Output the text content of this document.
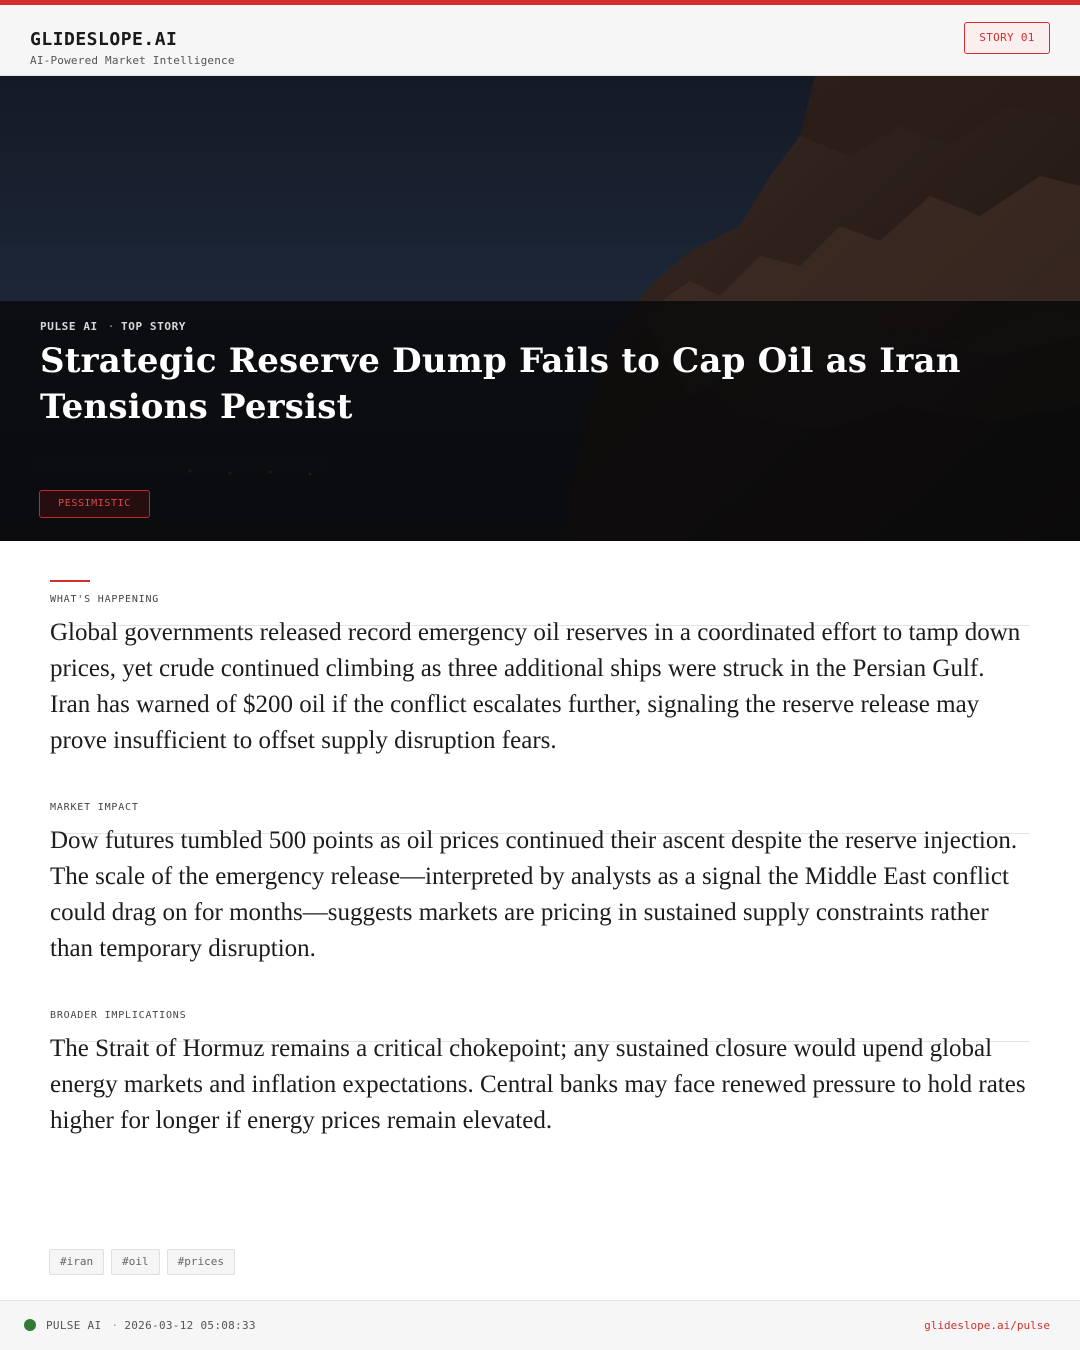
GLIDESLOPE.AI
AI-Powered Market Intelligence
STORY 01
PULSE AI · TOP STORY
Strategic Reserve Dump Fails to Cap Oil as Iran Tensions Persist
PESSIMISTIC
WHAT'S HAPPENING

Global governments released record emergency oil reserves in a coordinated effort to tamp down prices, yet crude continued climbing as three additional ships were struck in the Persian Gulf. Iran has warned of $200 oil if the conflict escalates further, signaling the reserve release may prove insufficient to offset supply disruption fears.

MARKET IMPACT

Dow futures tumbled 500 points as oil prices continued their ascent despite the reserve injection. The scale of the emergency release—interpreted by analysts as a signal the Middle East conflict could drag on for months—suggests markets are pricing in sustained supply constraints rather than temporary disruption.

BROADER IMPLICATIONS

The Strait of Hormuz remains a critical chokepoint; any sustained closure would upend global energy markets and inflation expectations. Central banks may face renewed pressure to hold rates higher for longer if energy prices remain elevated.

#iran	#oil	#prices
PULSE AI · 2026-03-12 05:08:33	glideslope.ai/pulse
